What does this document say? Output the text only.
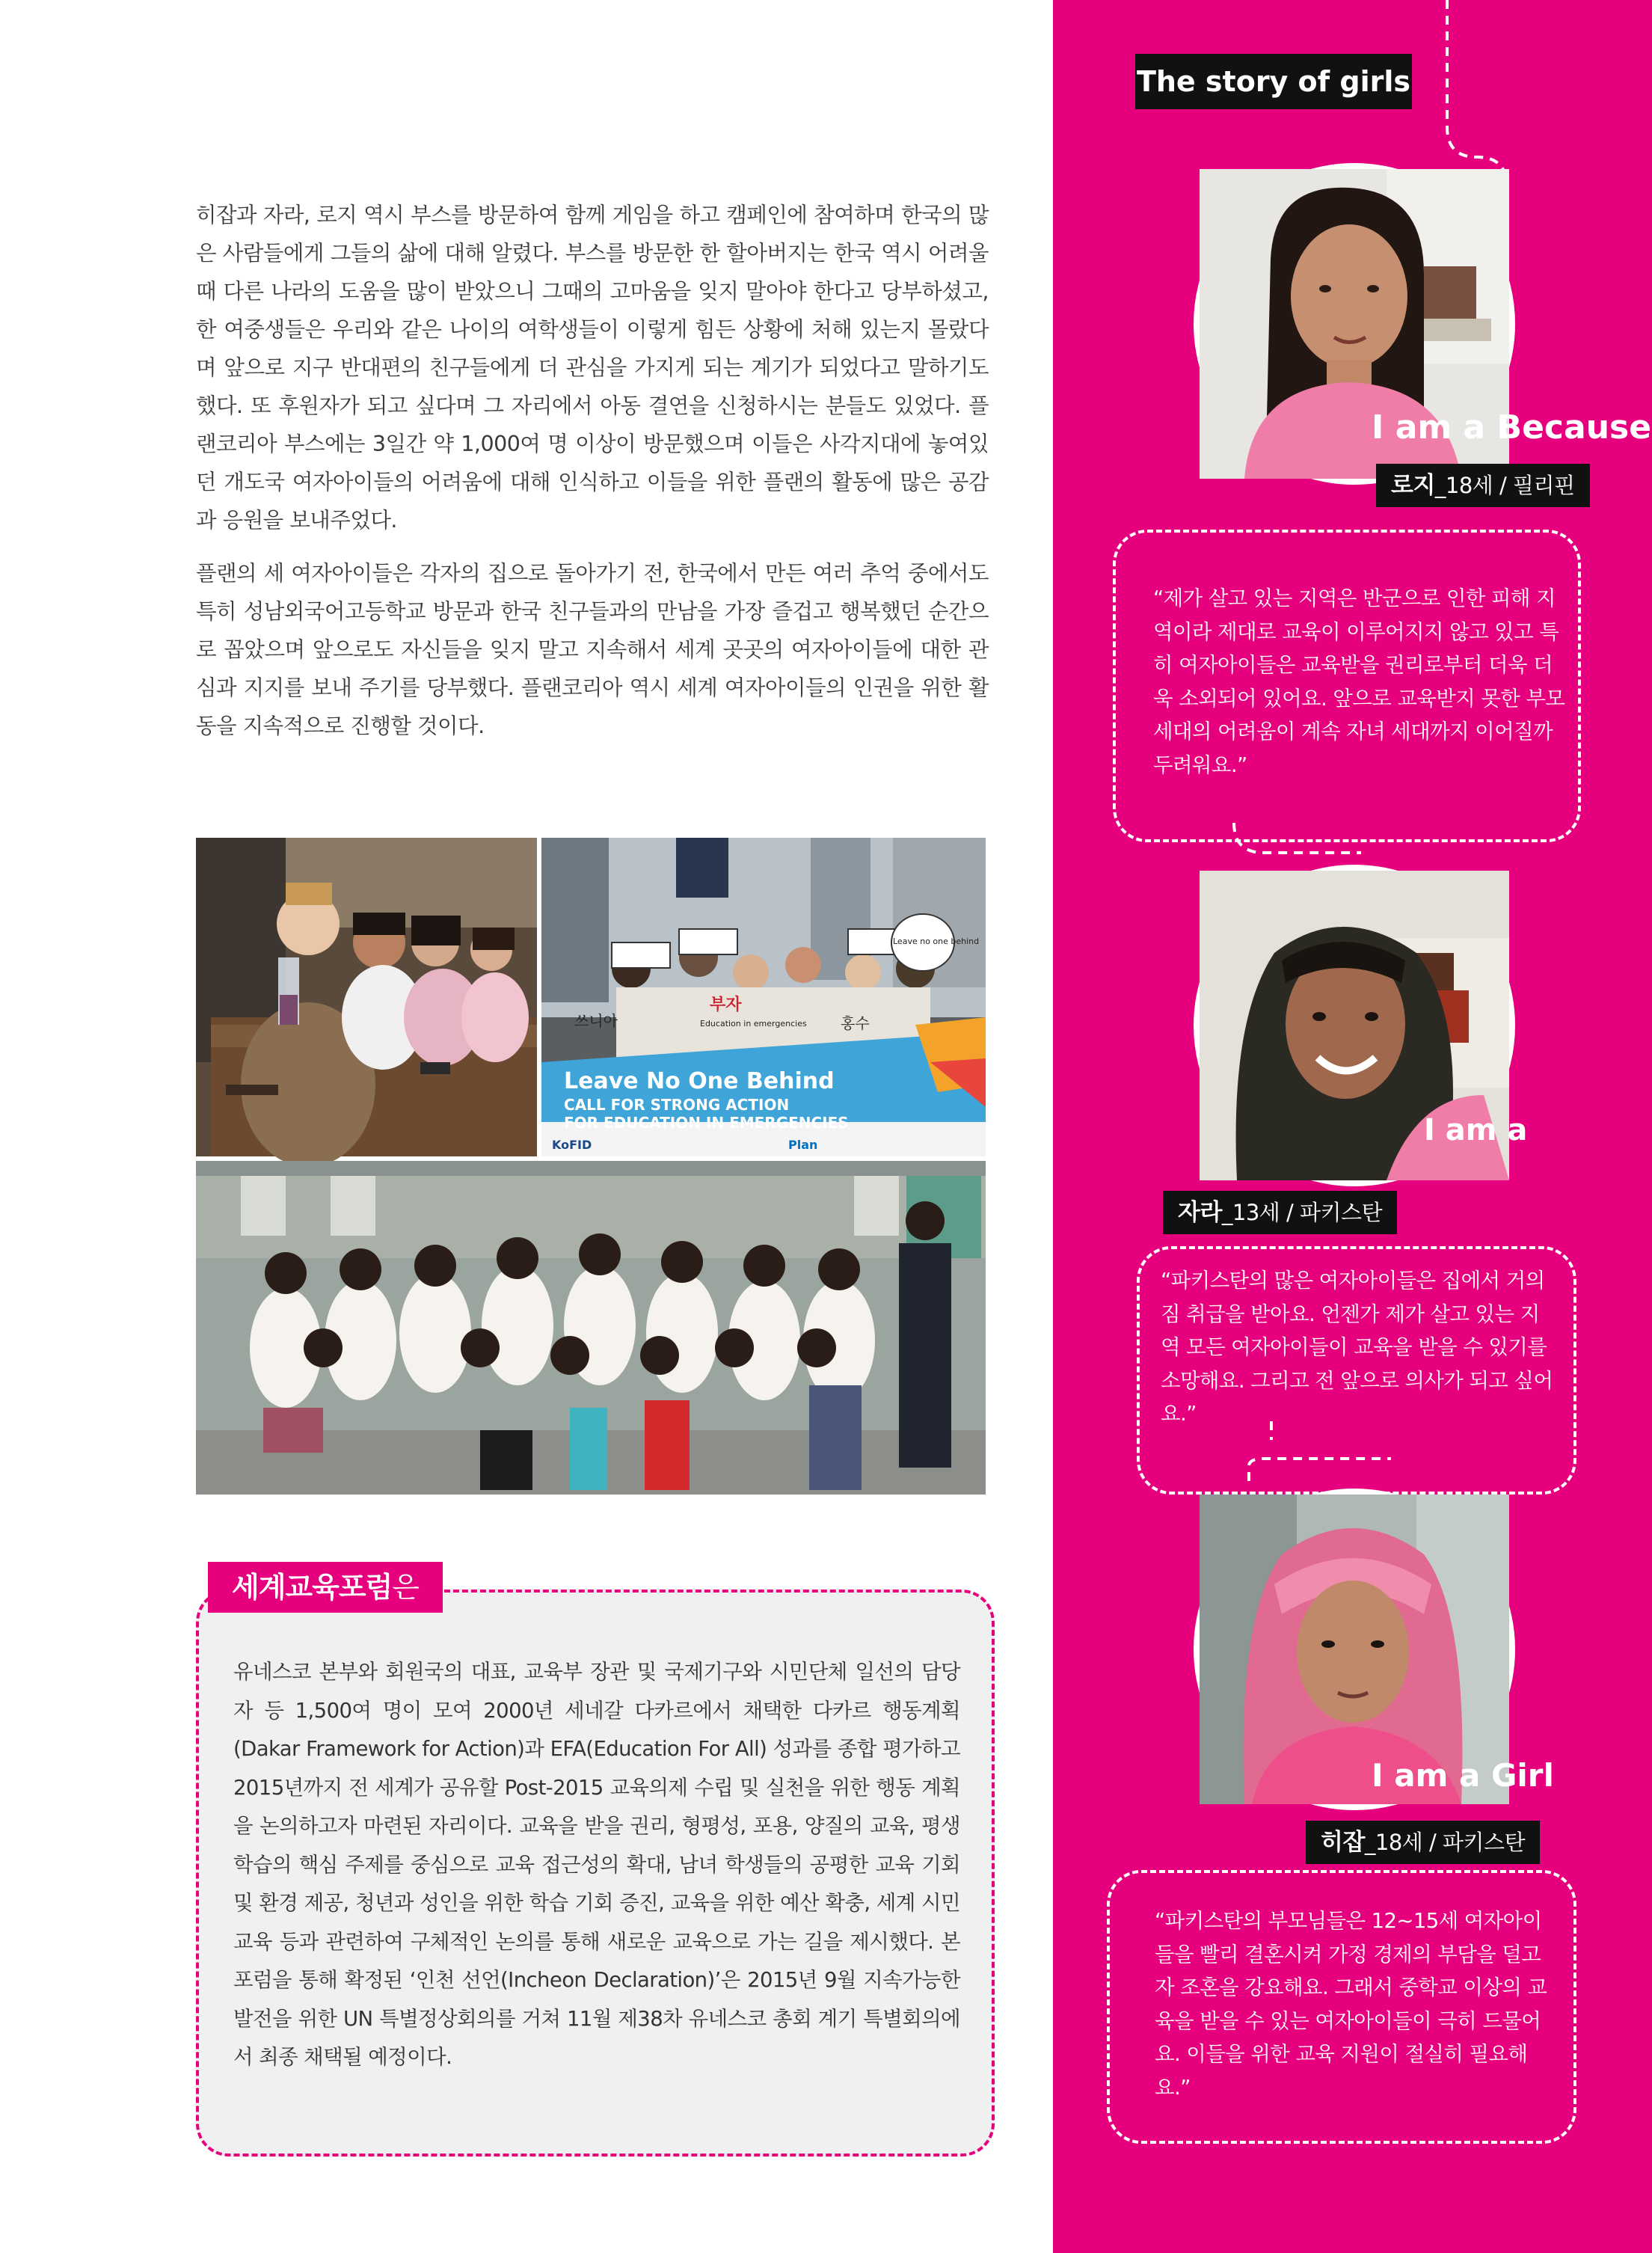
히잡과 자라, 로지 역시 부스를 방문하여 함께 게임을 하고 캠페인에 참여하며 한국의 많은 사람들에게 그들의 삶에 대해 알렸다. 부스를 방문한 한 할아버지는 한국 역시 어려울 때 다른 나라의 도움을 많이 받았으니 그때의 고마움을 잊지 말아야 한다고 당부하셨고, 한 여중생들은 우리와 같은 나이의 여학생들이 이렇게 힘든 상황에 처해 있는지 몰랐다며 앞으로 지구 반대편의 친구들에게 더 관심을 가지게 되는 계기가 되었다고 말하기도 했다. 또 후원자가 되고 싶다며 그 자리에서 아동 결연을 신청하시는 분들도 있었다. 플랜코리아 부스에는 3일간 약 1,000여 명 이상이 방문했으며 이들은 사각지대에 놓여있던 개도국 여자아이들의 어려움에 대해 인식하고 이들을 위한 플랜의 활동에 많은 공감과 응원을 보내주었다.

플랜의 세 여자아이들은 각자의 집으로 돌아가기 전, 한국에서 만든 여러 추억 중에서도 특히 성남외국어고등학교 방문과 한국 친구들과의 만남을 가장 즐겁고 행복했던 순간으로 꼽았으며 앞으로도 자신들을 잊지 말고 지속해서 세계 곳곳의 여자아이들에 대한 관심과 지지를 보내 주기를 당부했다. 플랜코리아 역시 세계 여자아이들의 인권을 위한 활동을 지속적으로 진행할 것이다.

쓰니아
부자
홍수
Education in emergencies
Leave no one behind
Leave No One Behind
CALL FOR STRONG ACTION
FOR EDUCATION IN EMERGENCIES
KoFID	Plan
세계교육포럼은
유네스코 본부와 회원국의 대표, 교육부 장관 및 국제기구와 시민단체 일선의 담당자 등 1,500여 명이 모여 2000년 세네갈 다카르에서 채택한 다카르 행동계획(Dakar Framework for Action)과 EFA(Education For All) 성과를 종합 평가하고 2015년까지 전 세계가 공유할 Post-2015 교육의제 수립 및 실천을 위한 행동 계획을 논의하고자 마련된 자리이다. 교육을 받을 권리, 형평성, 포용, 양질의 교육, 평생 학습의 핵심 주제를 중심으로 교육 접근성의 확대, 남녀 학생들의 공평한 교육 기회 및 환경 제공, 청년과 성인을 위한 학습 기회 증진, 교육을 위한 예산 확충, 세계 시민 교육 등과 관련하여 구체적인 논의를 통해 새로운 교육으로 가는 길을 제시했다. 본 포럼을 통해 확정된 ‘인천 선언(Incheon Declaration)’은 2015년 9월 지속가능한 발전을 위한 UN 특별정상회의를 거쳐 11월 제38차 유네스코 총회 계기 특별회의에서 최종 채택될 예정이다.
The story of girls
I am a Because
로지_18세 / 필리핀
“제가 살고 있는 지역은 반군으로 인한 피해 지역이라 제대로 교육이 이루어지지 않고 있고 특히 여자아이들은 교육받을 권리로부터 더욱 더욱 소외되어 있어요. 앞으로 교육받지 못한 부모 세대의 어려움이 계속 자녀 세대까지 이어질까 두려워요.”
I am a
자라_13세 / 파키스탄
“파키스탄의 많은 여자아이들은 집에서 거의 짐 취급을 받아요. 언젠가 제가 살고 있는 지역 모든 여자아이들이 교육을 받을 수 있기를 소망해요. 그리고 전 앞으로 의사가 되고 싶어요.”
I am a Girl
히잡_18세 / 파키스탄
“파키스탄의 부모님들은 12~15세 여자아이들을 빨리 결혼시켜 가정 경제의 부담을 덜고자 조혼을 강요해요. 그래서 중학교 이상의 교육을 받을 수 있는 여자아이들이 극히 드물어요. 이들을 위한 교육 지원이 절실히 필요해요.”
